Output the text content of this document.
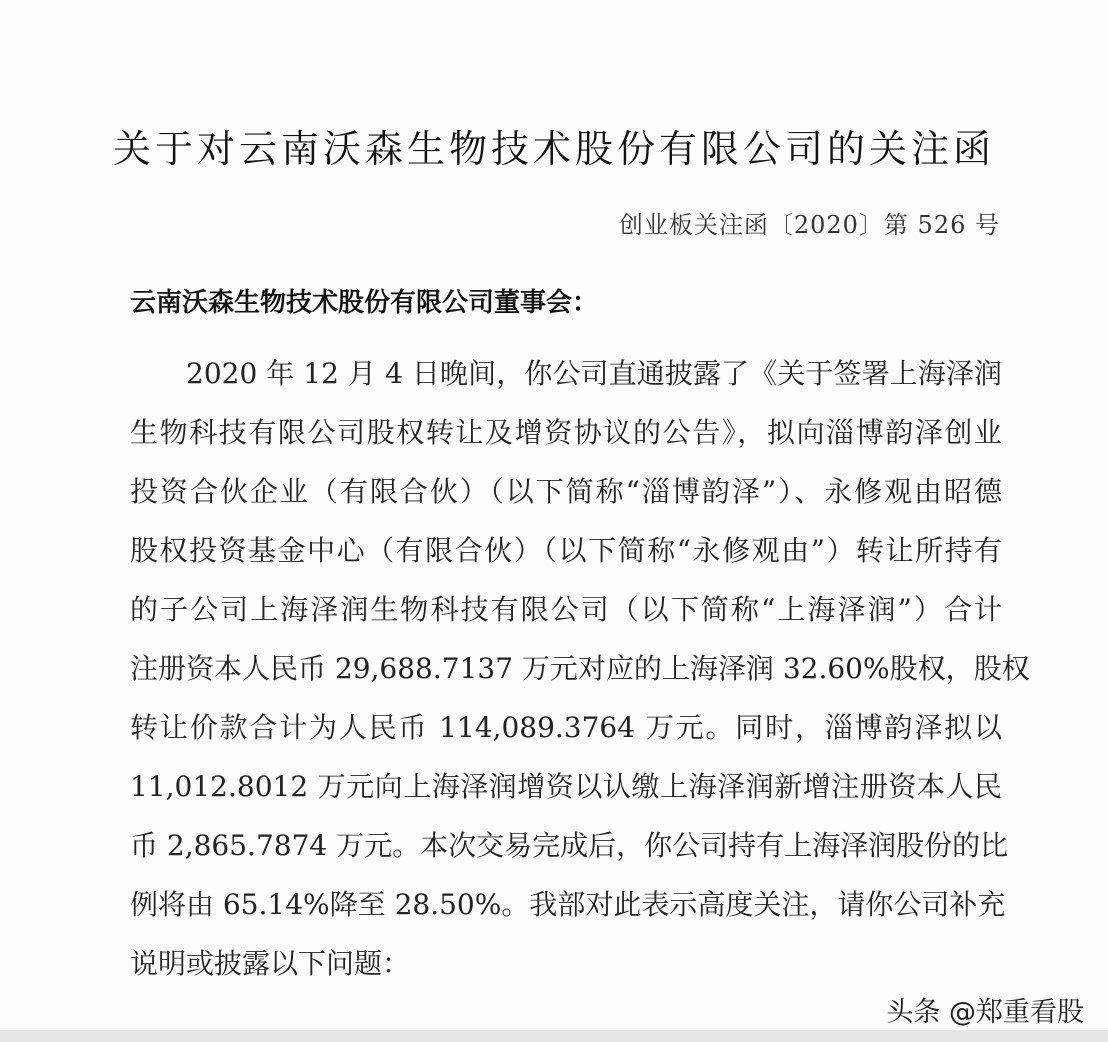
关于对云南沃森生物技术股份有限公司的关注函
创业板关注函〔2020〕第 526 号
云南沃森生物技术股份有限公司董事会：
2020 年 12 月 4 日晚间，你公司直通披露了《关于签署上海泽润
生物科技有限公司股权转让及增资协议的公告》，拟向淄博韵泽创业
投资合伙企业（有限合伙）（以下简称“淄博韵泽”）、永修观由昭德
股权投资基金中心（有限合伙）（以下简称“永修观由”）转让所持有
的子公司上海泽润生物科技有限公司（以下简称“上海泽润”）合计
注册资本人民币 29,688.7137 万元对应的上海泽润 32.60%股权，股权
转让价款合计为人民币 114,089.3764 万元。同时，淄博韵泽拟以
11,012.8012 万元向上海泽润增资以认缴上海泽润新增注册资本人民
币 2,865.7874 万元。本次交易完成后，你公司持有上海泽润股份的比
例将由 65.14%降至 28.50%。我部对此表示高度关注，请你公司补充
说明或披露以下问题：
头条 @郑重看股
